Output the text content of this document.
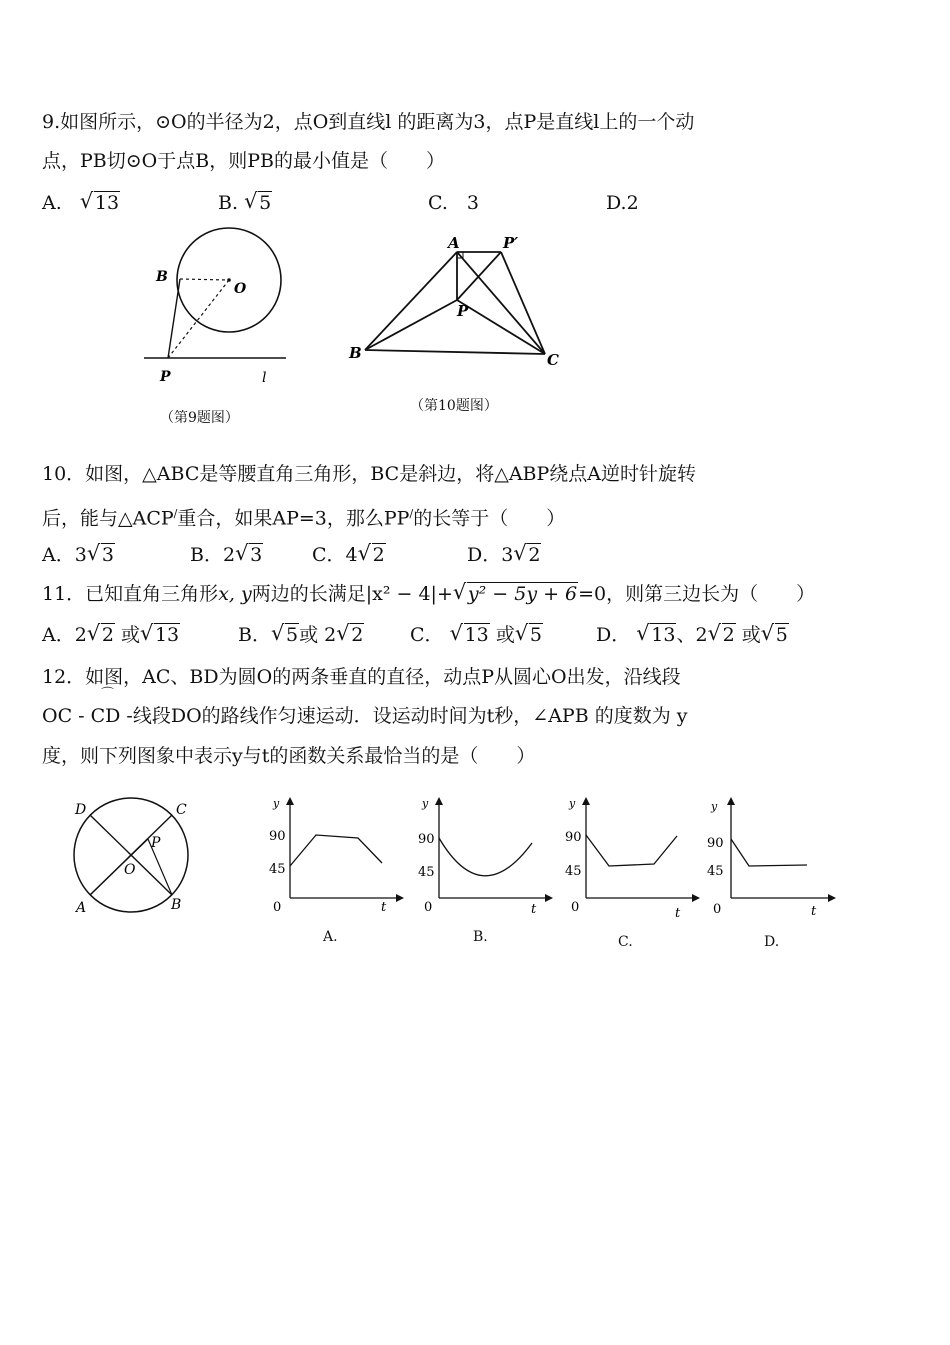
9.如图所示，⊙O的半径为2，点O到直线l 的距离为3，点P是直线l上的一个动
点，PB切⊙O于点B，则PB的最小值是（　　）
A. √ 13	B. √ 5	C.　3	D.2
B
O
P	l
（第9题图）
A	P′
P
B	C
（第10题图）
10．如图，△ABC是等腰直角三角形，BC是斜边，将△ABP绕点A逆时针旋转
后，能与△ACP/重合，如果AP=3，那么PP/的长等于（　　）
A．3 √ 3	B．2 √ 3	C．4 √ 2	D．3 √ 2
11．已知直角三角形x, y两边的长满足|x² − 4|+ √ y² − 5y + 6=0，则第三边长为（　　）
A．2 √ 2 或 √ 13	B． √ 5或 2 √ 2 C． √ 13 或 √ 5	D． √ 13、2 √ 2 或 √ 5
12．如图，AC、BD为圆O的两条垂直的直径，动点P从圆心O出发，沿线段
⌒
OC - CD -线段DO的路线作匀速运动．设运动时间为t秒，∠APB 的度数为 y
度，则下列图象中表示y与t的函数关系最恰当的是（　　）
D	C
P
O
A	B
y
90
45
0	t
A.
y
90
45
0	t
B.
y
90
45
0	t
C.
y
90
45
0	t
D.
